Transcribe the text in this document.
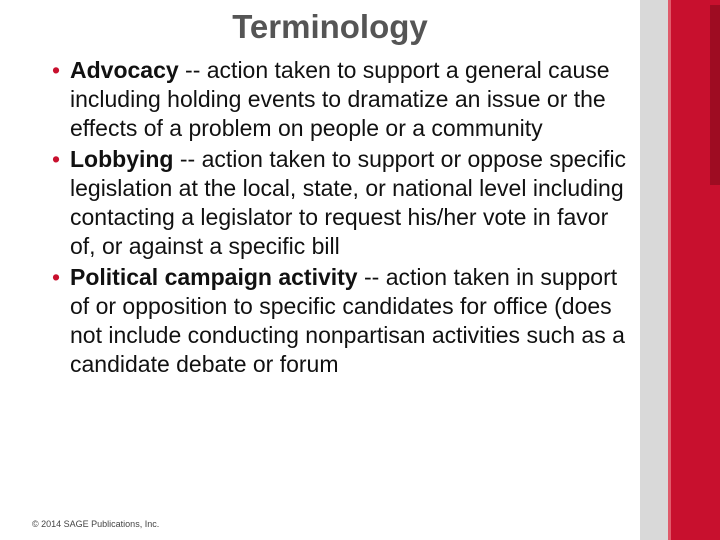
Terminology
• Advocacy -- action taken to support a general cause including holding events to dramatize an issue or the effects of a problem on people or a community
• Lobbying -- action taken to support or oppose specific legislation at the local, state, or national level including contacting a legislator to request his/her vote in favor of, or against a specific bill
• Political campaign activity -- action taken in support of or opposition to specific candidates for office (does not include conducting nonpartisan activities such as a candidate debate or forum
© 2014 SAGE Publications, Inc.
